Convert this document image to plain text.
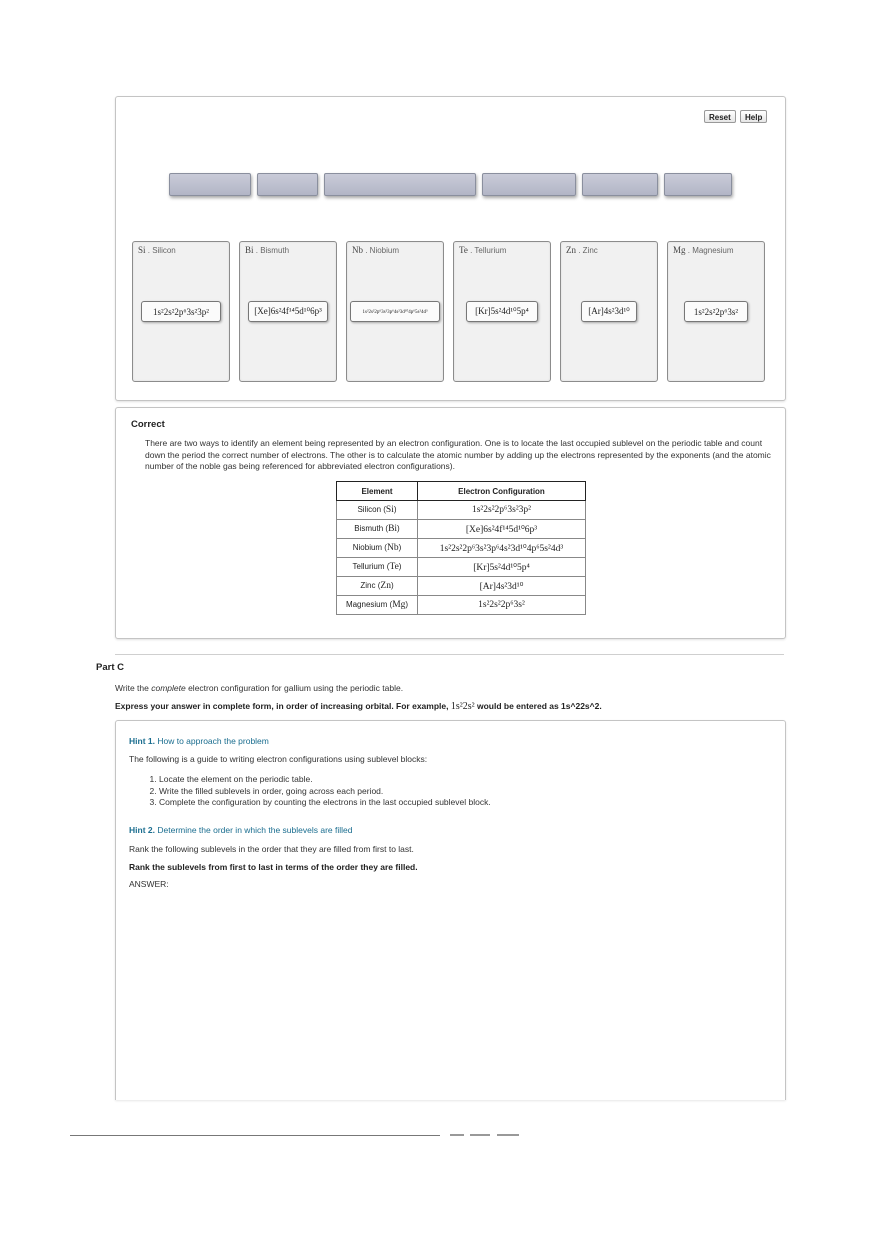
Reset	Help
Si . Silicon
1s²2s²2p⁶3s²3p²
Bi . Bismuth
[Xe]6s²4f¹⁴5d¹⁰6p³
Nb . Niobium
1s²2s²2p⁶3s²3p⁶4s²3d¹⁰4p⁶5s²4d³
Te . Tellurium
[Kr]5s²4d¹⁰5p⁴
Zn . Zinc
[Ar]4s²3d¹⁰
Mg . Magnesium
1s²2s²2p⁶3s²
Correct
There are two ways to identify an element being represented by an electron configuration. One is to locate the last occupied sublevel on the periodic table and count down the period the correct number of electrons. The other is to calculate the atomic number by adding up the electrons represented by the exponents (and the atomic number of the noble gas being referenced for abbreviated electron configurations).
Element	Electron Configuration
Silicon (Si)	1s²2s²2p⁶3s²3p²
Bismuth (Bi)	[Xe]6s²4f¹⁴5d¹⁰6p³
Niobium (Nb)	1s²2s²2p⁶3s²3p⁶4s²3d¹⁰4p⁶5s²4d³
Tellurium (Te)	[Kr]5s²4d¹⁰5p⁴
Zinc (Zn)	[Ar]4s²3d¹⁰
Magnesium (Mg)	1s²2s²2p⁶3s²
Part C
Write the complete electron configuration for gallium using the periodic table.
Express your answer in complete form, in order of increasing orbital. For example, 1s²2s² would be entered as 1s^22s^2.
Hint 1. How to approach the problem
The following is a guide to writing electron configurations using sublevel blocks:
1. Locate the element on the periodic table.
2. Write the filled sublevels in order, going across each period.
3. Complete the configuration by counting the electrons in the last occupied sublevel block.
Hint 2. Determine the order in which the sublevels are filled
Rank the following sublevels in the order that they are filled from first to last.
Rank the sublevels from first to last in terms of the order they are filled.
ANSWER:
